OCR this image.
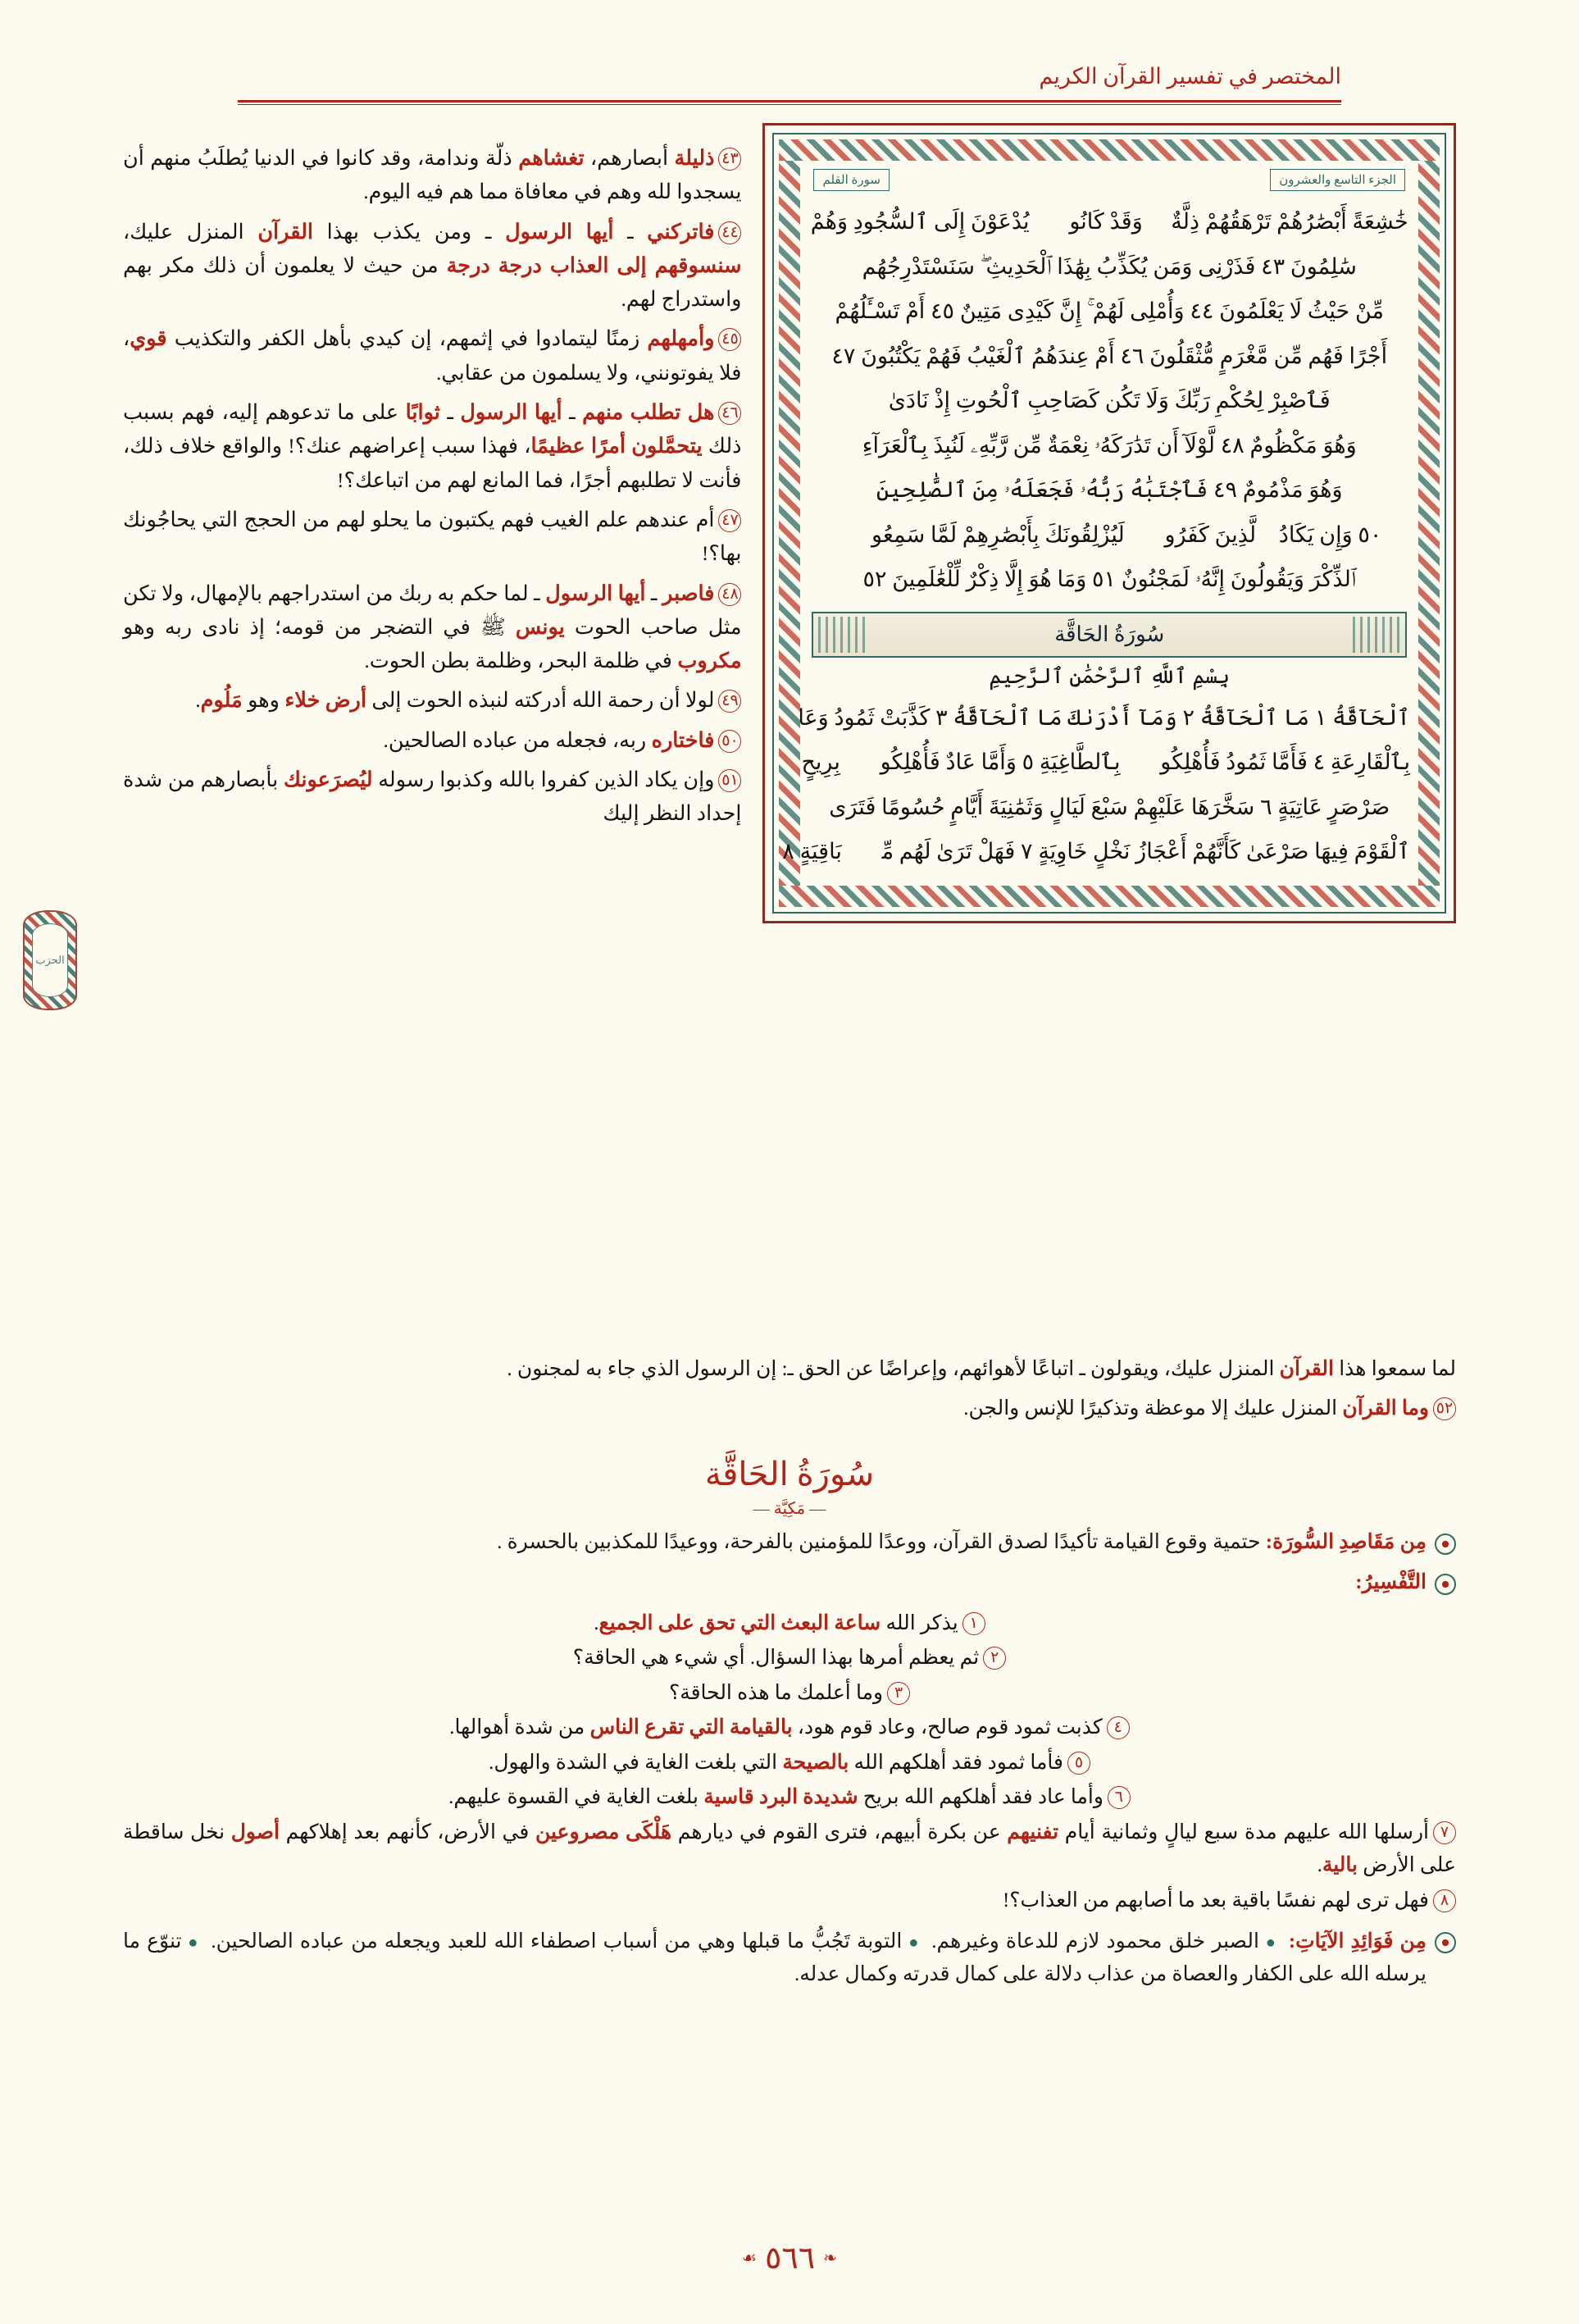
المختصر في تفسير القرآن الكريم
الجزء التاسع والعشرون
سورة القلم
خَٰشِعَةً أَبْصَٰرُهُمْ تَرْهَقُهُمْ ذِلَّةٌ ۖ وَقَدْ كَانُوا۟ يُدْعَوْنَ إِلَى ٱلسُّجُودِ وَهُمْ
سَٰلِمُونَ ٤٣ فَذَرْنِى وَمَن يُكَذِّبُ بِهَٰذَا ٱلْحَدِيثِ ۖ سَنَسْتَدْرِجُهُم
مِّنْ حَيْثُ لَا يَعْلَمُونَ ٤٤ وَأُمْلِى لَهُمْ ۚ إِنَّ كَيْدِى مَتِينٌ ٤٥ أَمْ تَسْـَٔلُهُمْ
أَجْرًا فَهُم مِّن مَّغْرَمٍ مُّثْقَلُونَ ٤٦ أَمْ عِندَهُمُ ٱلْغَيْبُ فَهُمْ يَكْتُبُونَ ٤٧
فَٱصْبِرْ لِحُكْمِ رَبِّكَ وَلَا تَكُن كَصَاحِبِ ٱلْحُوتِ إِذْ نَادَىٰ
وَهُوَ مَكْظُومٌ ٤٨ لَّوْلَآ أَن تَدَٰرَكَهُۥ نِعْمَةٌ مِّن رَّبِّهِۦ لَنُبِذَ بِٱلْعَرَآءِ
وَهُوَ مَذْمُومٌ ٤٩ فَٱجْتَبَٰهُ رَبُّهُۥ فَجَعَلَهُۥ مِنَ ٱلصَّٰلِحِينَ
٥٠ وَإِن يَكَادُ ٱلَّذِينَ كَفَرُوا۟ لَيُزْلِقُونَكَ بِأَبْصَٰرِهِمْ لَمَّا سَمِعُوا۟
ٱلذِّكْرَ وَيَقُولُونَ إِنَّهُۥ لَمَجْنُونٌ ٥١ وَمَا هُوَ إِلَّا ذِكْرٌ لِّلْعَٰلَمِينَ ٥٢
سُورَةُ الحَاقَّة
بِسْمِ ٱللَّهِ ٱلرَّحْمَٰنِ ٱلرَّحِيمِ
ٱلْحَآقَّةُ ١ مَا ٱلْحَآقَّةُ ٢ وَمَآ أَدْرَىٰكَ مَا ٱلْحَآقَّةُ ٣ كَذَّبَتْ ثَمُودُ وَعَادٌۢ
بِٱلْقَارِعَةِ ٤ فَأَمَّا ثَمُودُ فَأُهْلِكُوا۟ بِٱلطَّاغِيَةِ ٥ وَأَمَّا عَادٌ فَأُهْلِكُوا۟ بِرِيحٍ
صَرْصَرٍ عَاتِيَةٍ ٦ سَخَّرَهَا عَلَيْهِمْ سَبْعَ لَيَالٍ وَثَمَٰنِيَةَ أَيَّامٍ حُسُومًا فَتَرَى
ٱلْقَوْمَ فِيهَا صَرْعَىٰ كَأَنَّهُمْ أَعْجَازُ نَخْلٍ خَاوِيَةٍ ٧ فَهَلْ تَرَىٰ لَهُم مِّنۢ بَاقِيَةٍ ٨

٤٣ذليلة أبصارهم، تغشاهم ذلّة وندامة، وقد كانوا في الدنيا يُطلَبُ منهم أن يسجدوا لله وهم في معافاة مما هم فيه اليوم.

٤٤فاتركني ـ أيها الرسول ـ ومن يكذب بهذا القرآن المنزل عليك، سنسوقهم إلى العذاب درجة درجة من حيث لا يعلمون أن ذلك مكر بهم واستدراج لهم.

٤٥وأمهلهم زمنًا ليتمادوا في إثمهم، إن كيدي بأهل الكفر والتكذيب قوي، فلا يفوتونني، ولا يسلمون من عقابي.

٤٦هل تطلب منهم ـ أيها الرسول ـ ثوابًا على ما تدعوهم إليه، فهم بسبب ذلك يتحمَّلون أمرًا عظيمًا، فهذا سبب إعراضهم عنك؟! والواقع خلاف ذلك، فأنت لا تطلبهم أجرًا، فما المانع لهم من اتباعك؟!

٤٧أم عندهم علم الغيب فهم يكتبون ما يحلو لهم من الحجج التي يحاجُونك بها؟!

٤٨فاصبر ـ أيها الرسول ـ لما حكم به ربك من استدراجهم بالإمهال، ولا تكن مثل صاحب الحوت يونس ﷺ في التضجر من قومه؛ إذ نادى ربه وهو مكروب في ظلمة البحر، وظلمة بطن الحوت.

٤٩لولا أن رحمة الله أدركته لنبذه الحوت إلى أرض خلاء وهو مَلُوم.

٥٠فاختاره ربه، فجعله من عباده الصالحين.

٥١وإن يكاد الذين كفروا بالله وكذبوا رسوله ليُصرَعونك بأبصارهم من شدة إحداد النظر إليك

الحزب
لما سمعوا هذا القرآن المنزل عليك، ويقولون ـ اتباعًا لأهوائهم، وإعراضًا عن الحق ـ: إن الرسول الذي جاء به لمجنون .
٥٢وما القرآن المنزل عليك إلا موعظة وتذكيرًا للإنس والجن.
سُورَةُ الحَاقَّة
— مَكِيَّة —
مِن مَقَاصِدِ السُّورَة: حتمية وقوع القيامة تأكيدًا لصدق القرآن، ووعدًا للمؤمنين بالفرحة، ووعيدًا للمكذبين بالحسرة .
التَّفْسِيرُ:
١يذكر الله ساعة البعث التي تحق على الجميع.
٢ثم يعظم أمرها بهذا السؤال. أي شيء هي الحاقة؟
٣وما أعلمك ما هذه الحاقة؟
٤كذبت ثمود قوم صالح، وعاد قوم هود، بالقيامة التي تقرع الناس من شدة أهوالها.
٥فأما ثمود فقد أهلكهم الله بالصيحة التي بلغت الغاية في الشدة والهول.
٦وأما عاد فقد أهلكهم الله بريح شديدة البرد قاسية بلغت الغاية في القسوة عليهم.
٧أرسلها الله عليهم مدة سبع ليالٍ وثمانية أيام تفنيهم عن بكرة أبيهم، فترى القوم في ديارهم هَلْكَى مصروعين في الأرض، كأنهم بعد إهلاكهم أصول نخل ساقطة على الأرض بالية.
٨فهل ترى لهم نفسًا باقية بعد ما أصابهم من العذاب؟!
مِن فَوَائِدِ الآيَاتِ: ●الصبر خلق محمود لازم للدعاة وغيرهم. ●التوبة تَجُبُّ ما قبلها وهي من أسباب اصطفاء الله للعبد ويجعله من عباده الصالحين. ●تنوّع ما يرسله الله على الكفار والعصاة من عذاب دلالة على كمال قدرته وكمال عدله.
❧٥٦٦☙
